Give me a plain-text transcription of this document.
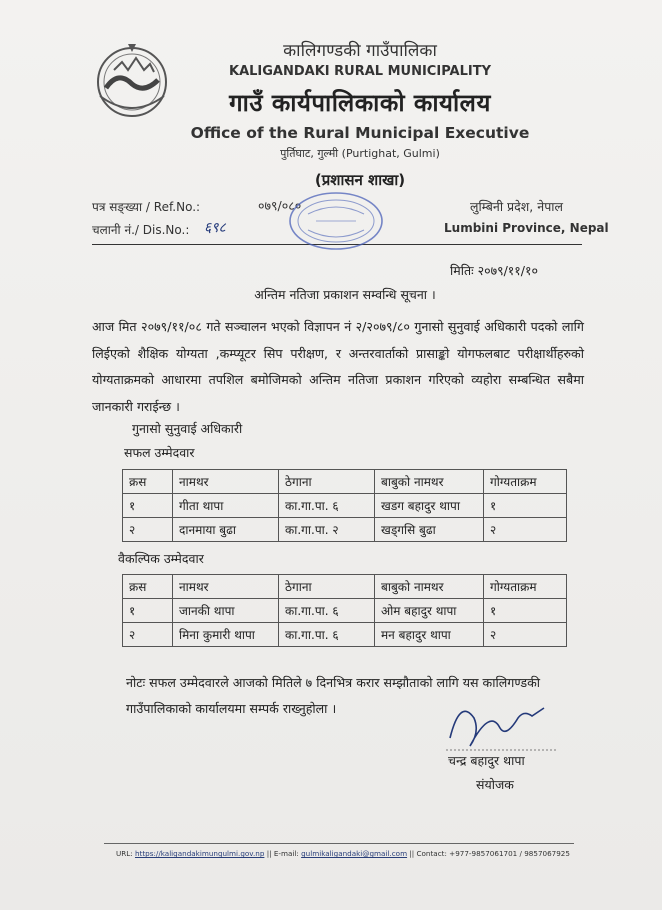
कालिगण्डकी गाउँपालिका
KALIGANDAKI RURAL MUNICIPALITY
गाउँ कार्यपालिकाको कार्यालय
Office of the Rural Municipal Executive
पुर्तिघाट, गुल्मी (Purtighat, Gulmi)
(प्रशासन शाखा)
पत्र सङ्ख्या / Ref.No.:	०७९/०८०
चलानी नं./ Dis.No.: ६९८
लुम्बिनी प्रदेश, नेपाल
Lumbini Province, Nepal
मितिः २०७९/११/१०
अन्तिम नतिजा प्रकाशन सम्वन्धि सूचना ।
आज मित २०७९/११/०८ गते सञ्चालन भएको विज्ञापन नं २/२०७९/८० गुनासो सुनुवाई अधिकारी पदको लागि लिईएको शैक्षिक योग्यता ,कम्प्यूटर सिप परीक्षण, र अन्तरवार्ताको प्रासाङ्को योगफलबाट परीक्षार्थीहरुको योग्यताक्रमको आधारमा तपशिल बमोजिमको अन्तिम नतिजा प्रकाशन गरिएको व्यहोरा सम्बन्धित सबैमा जानकारी गराईन्छ ।
गुनासो सुनुवाई अधिकारी
सफल उम्मेदवार
क्रस	नामथर	ठेगाना	बाबुको नामथर	गोग्यताक्रम
१	गीता थापा	का.गा.पा. ६	खडग बहादुर थापा	१
२	दानमाया बुढा	का.गा.पा. २	खड्गसि बुढा	२
वैकल्पिक उम्मेदवार
क्रस	नामथर	ठेगाना	बाबुको नामथर	गोग्यताक्रम
१	जानकी थापा	का.गा.पा. ६	ओम बहादुर थापा	१
२	मिना कुमारी थापा	का.गा.पा. ६	मन बहादुर थापा	२
नोटः सफल उम्मेदवारले आजको मितिले ७ दिनभित्र करार सम्झौताको लागि यस कालिगण्डकी गाउँपालिकाको कार्यालयमा सम्पर्क राख्नुहोला ।
चन्द्र बहादुर थापा
संयोजक
URL: https://kaligandakimungulmi.gov.np || E-mail: gulmikaligandaki@gmail.com || Contact: +977-9857061701 / 9857067925
